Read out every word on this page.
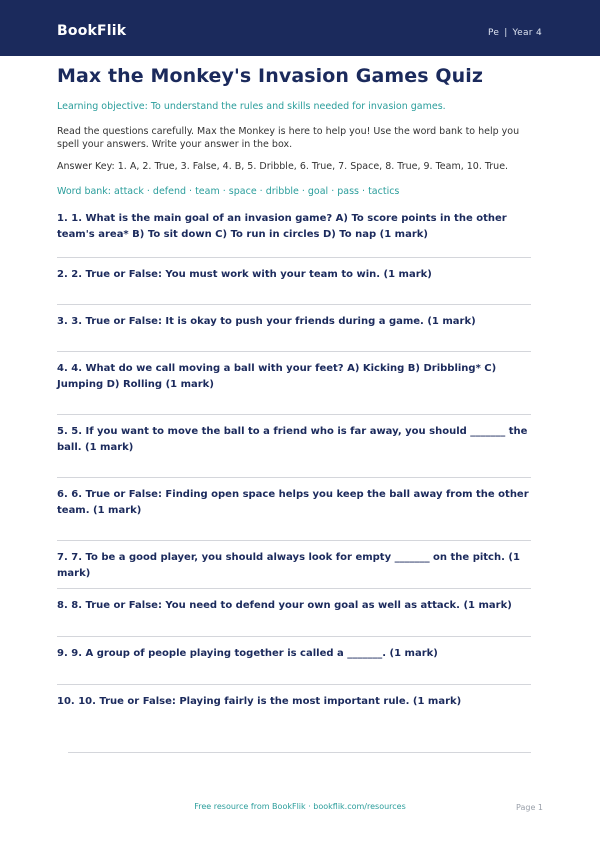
BookFlik	Pe | Year 4
Max the Monkey's Invasion Games Quiz
Learning objective: To understand the rules and skills needed for invasion games.
Read the questions carefully. Max the Monkey is here to help you! Use the word bank to help you spell your answers. Write your answer in the box.
Answer Key: 1. A, 2. True, 3. False, 4. B, 5. Dribble, 6. True, 7. Space, 8. True, 9. Team, 10. True.
Word bank: attack · defend · team · space · dribble · goal · pass · tactics
1. 1. What is the main goal of an invasion game? A) To score points in the other team's area* B) To sit down C) To run in circles D) To nap (1 mark)
2. 2. True or False: You must work with your team to win. (1 mark)
3. 3. True or False: It is okay to push your friends during a game. (1 mark)
4. 4. What do we call moving a ball with your feet? A) Kicking B) Dribbling* C) Jumping D) Rolling (1 mark)
5. 5. If you want to move the ball to a friend who is far away, you should _______ the ball. (1 mark)
6. 6. True or False: Finding open space helps you keep the ball away from the other team. (1 mark)
7. 7. To be a good player, you should always look for empty _______ on the pitch. (1 mark)
8. 8. True or False: You need to defend your own goal as well as attack. (1 mark)
9. 9. A group of people playing together is called a _______. (1 mark)
10. 10. True or False: Playing fairly is the most important rule. (1 mark)
Free resource from BookFlik · bookflik.com/resources	Page 1
